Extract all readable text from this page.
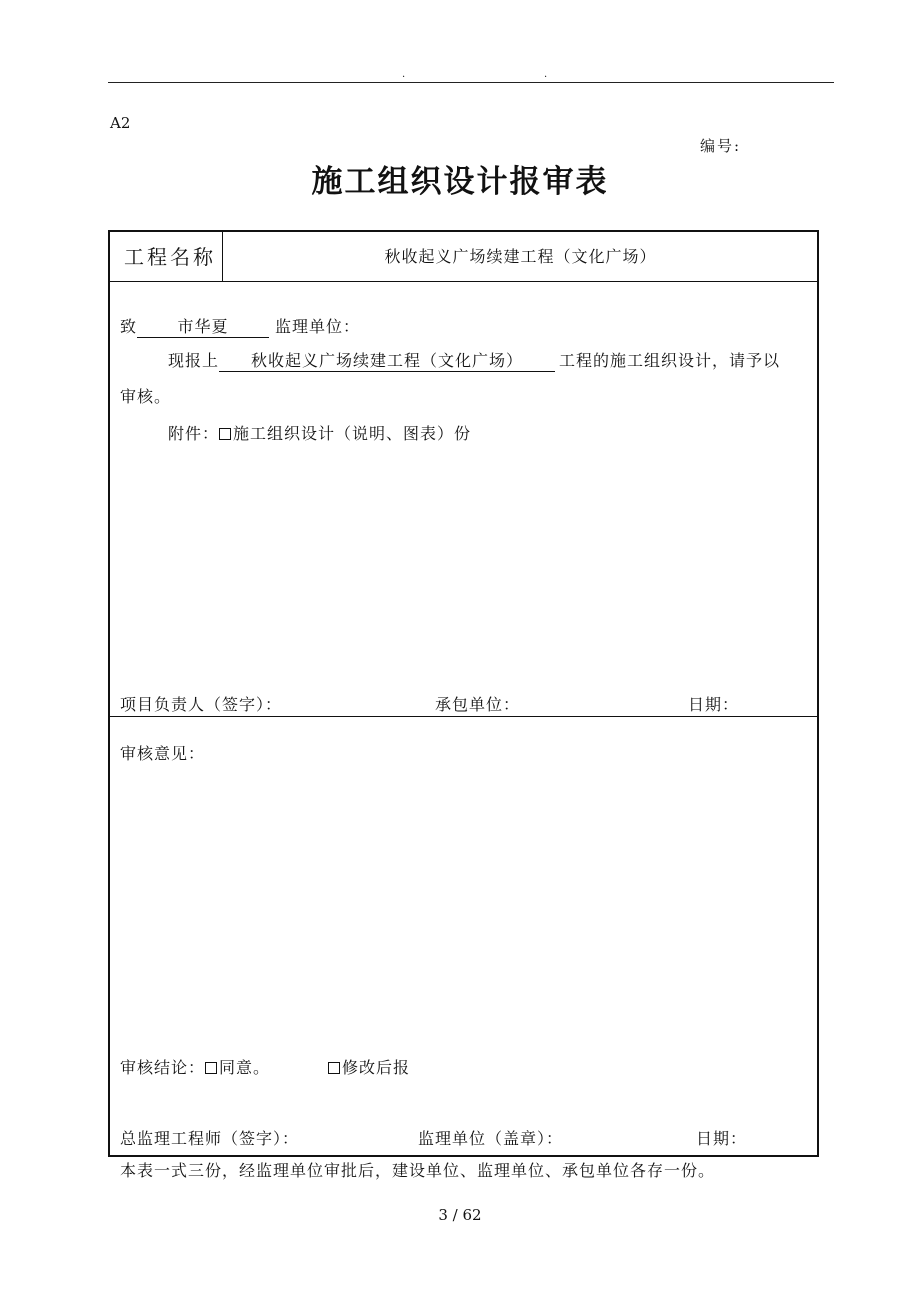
.	.
A2
编号:
施工组织设计报审表
工程名称	秋收起义广场续建工程（文化广场）
致	市华夏	监理单位：
现报上 秋收起义广场续建工程（文化广场） 工程的施工组织设计，请予以
审核。
附件： 施工组织设计（说明、图表）份
项目负责人（签字）：	承包单位：	日期：
审核意见：
审核结论： 同意。	修改后报
总监理工程师（签字）：	监理单位（盖章）：	日期：
本表一式三份，经监理单位审批后，建设单位、监理单位、承包单位各存一份。
3 / 62
